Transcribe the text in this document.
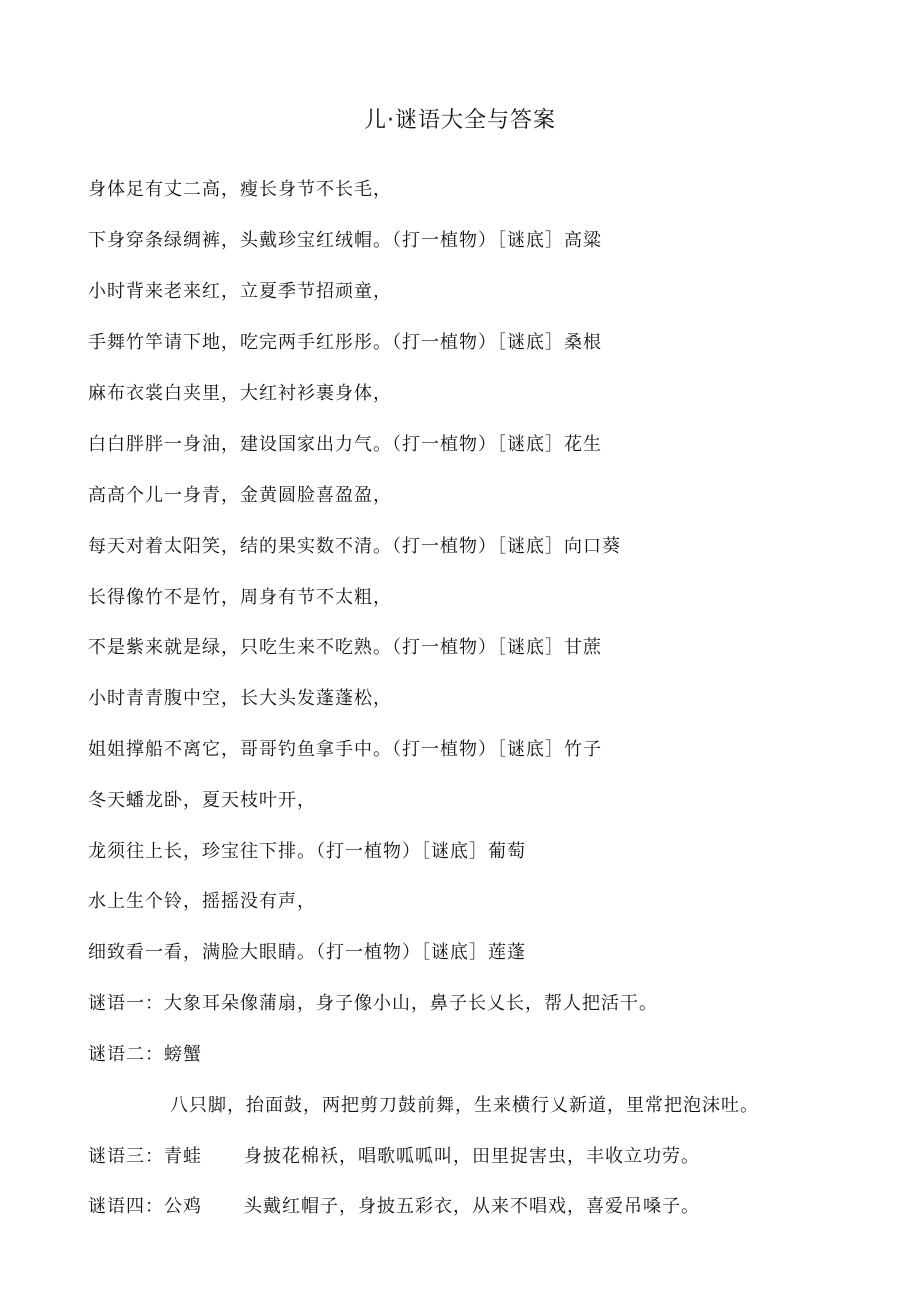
儿·谜语大全与答案
身体足有丈二高，瘦长身节不长毛，
下身穿条绿绸裤，头戴珍宝红绒帽。（打一植物）［谜底］高粱
小时背来老来红，立夏季节招顽童，
手舞竹竿请下地，吃完两手红彤彤。（打一植物）［谜底］桑根
麻布衣裳白夹里，大红衬衫裹身体，
白白胖胖一身油，建设国家出力气。（打一植物）［谜底］花生
高高个儿一身青，金黄圆脸喜盈盈，
每天对着太阳笑，结的果实数不清。（打一植物）［谜底］向口葵
长得像竹不是竹，周身有节不太粗，
不是紫来就是绿，只吃生来不吃熟。（打一植物）［谜底］甘蔗
小时青青腹中空，长大头发蓬蓬松，
姐姐撑船不离它，哥哥钓鱼拿手中。（打一植物）［谜底］竹子
冬天蟠龙卧，夏天枝叶开，
龙须往上长，珍宝往下排。（打一植物）［谜底］葡萄
水上生个铃，摇摇没有声，
细致看一看，满脸大眼睛。（打一植物）［谜底］莲蓬
谜语一：大象耳朵像蒲扇，身子像小山，鼻子长乂长，帮人把活干。
谜语二：螃蟹
八只脚，抬面鼓，两把剪刀鼓前舞，生来横行乂新道，里常把泡沫吐。
谜语三：青蛙 身披花棉袄，唱歌呱呱叫，田里捉害虫，丰收立功劳。
谜语四：公鸡 头戴红帽子，身披五彩衣，从来不唱戏，喜爱吊嗓子。
